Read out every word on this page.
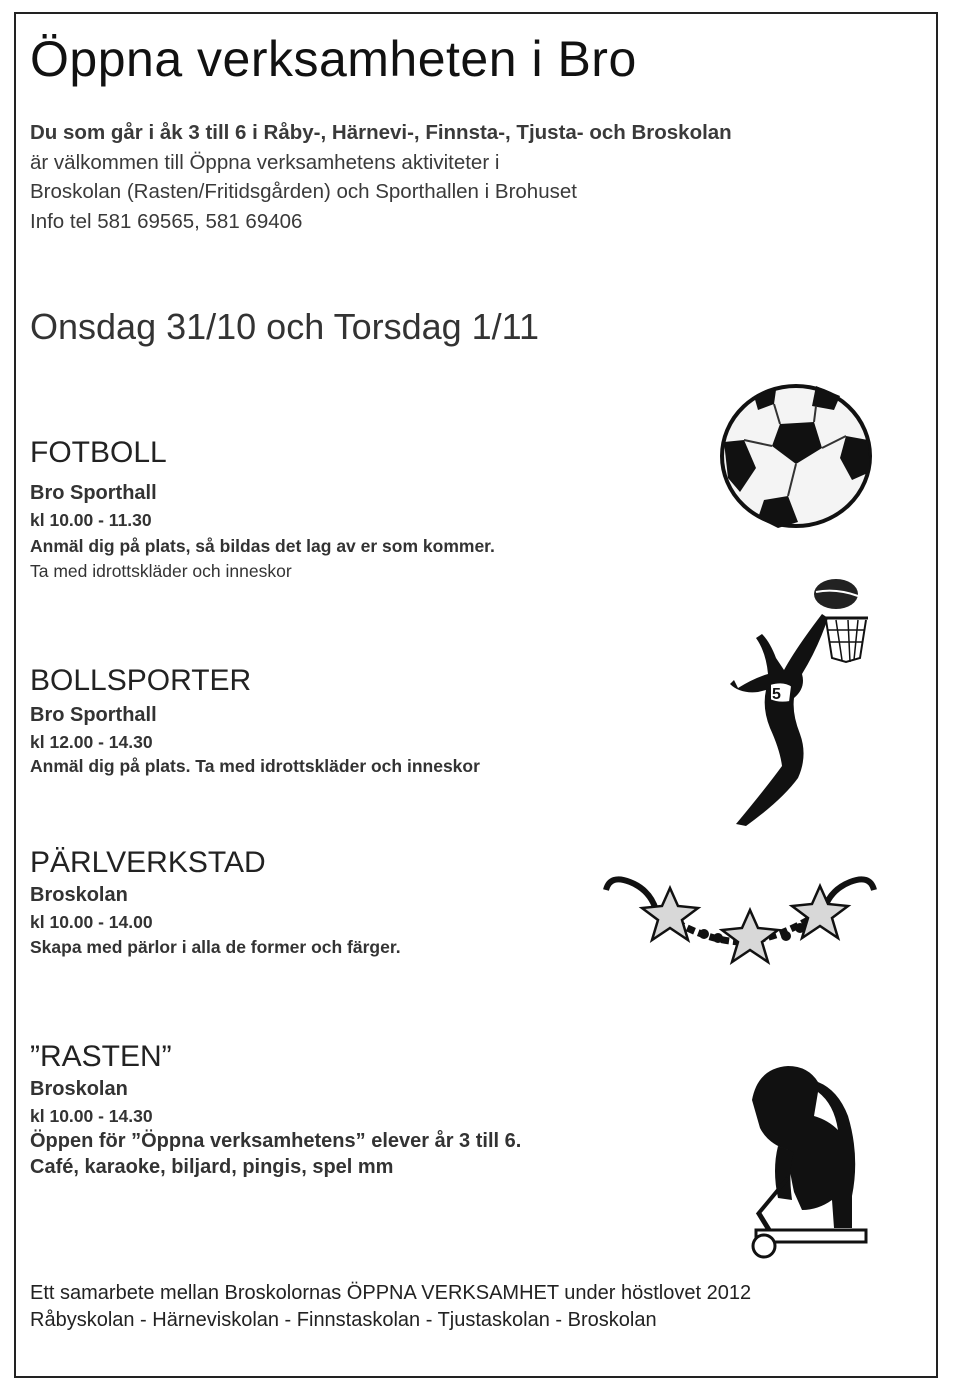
Öppna verksamheten i Bro
Du som går i åk 3 till 6 i Råby-, Härnevi-, Finnsta-, Tjusta- och Broskolan
är välkommen till Öppna verksamhetens aktiviteter i
Broskolan (Rasten/Fritidsgården) och Sporthallen i Brohuset
Info tel 581 69565, 581 69406
Onsdag 31/10 och Torsdag 1/11
FOTBOLL
Bro Sporthall
kl 10.00 - 11.30
Anmäl dig på plats, så bildas det lag av er som kommer.
Ta med idrottskläder och inneskor
BOLLSPORTER
Bro Sporthall
kl 12.00 - 14.30
Anmäl dig på plats. Ta med idrottskläder och inneskor
5
PÄRLVERKSTAD
Broskolan
kl 10.00 - 14.00
Skapa med pärlor i alla de former och färger.
”RASTEN”
Broskolan
kl 10.00 - 14.30
Öppen för ”Öppna verksamhetens” elever år 3 till 6.
Café, karaoke, biljard, pingis, spel mm
Ett samarbete mellan Broskolornas ÖPPNA VERKSAMHET under höstlovet 2012
Råbyskolan - Härneviskolan - Finnstaskolan - Tjustaskolan - Broskolan
